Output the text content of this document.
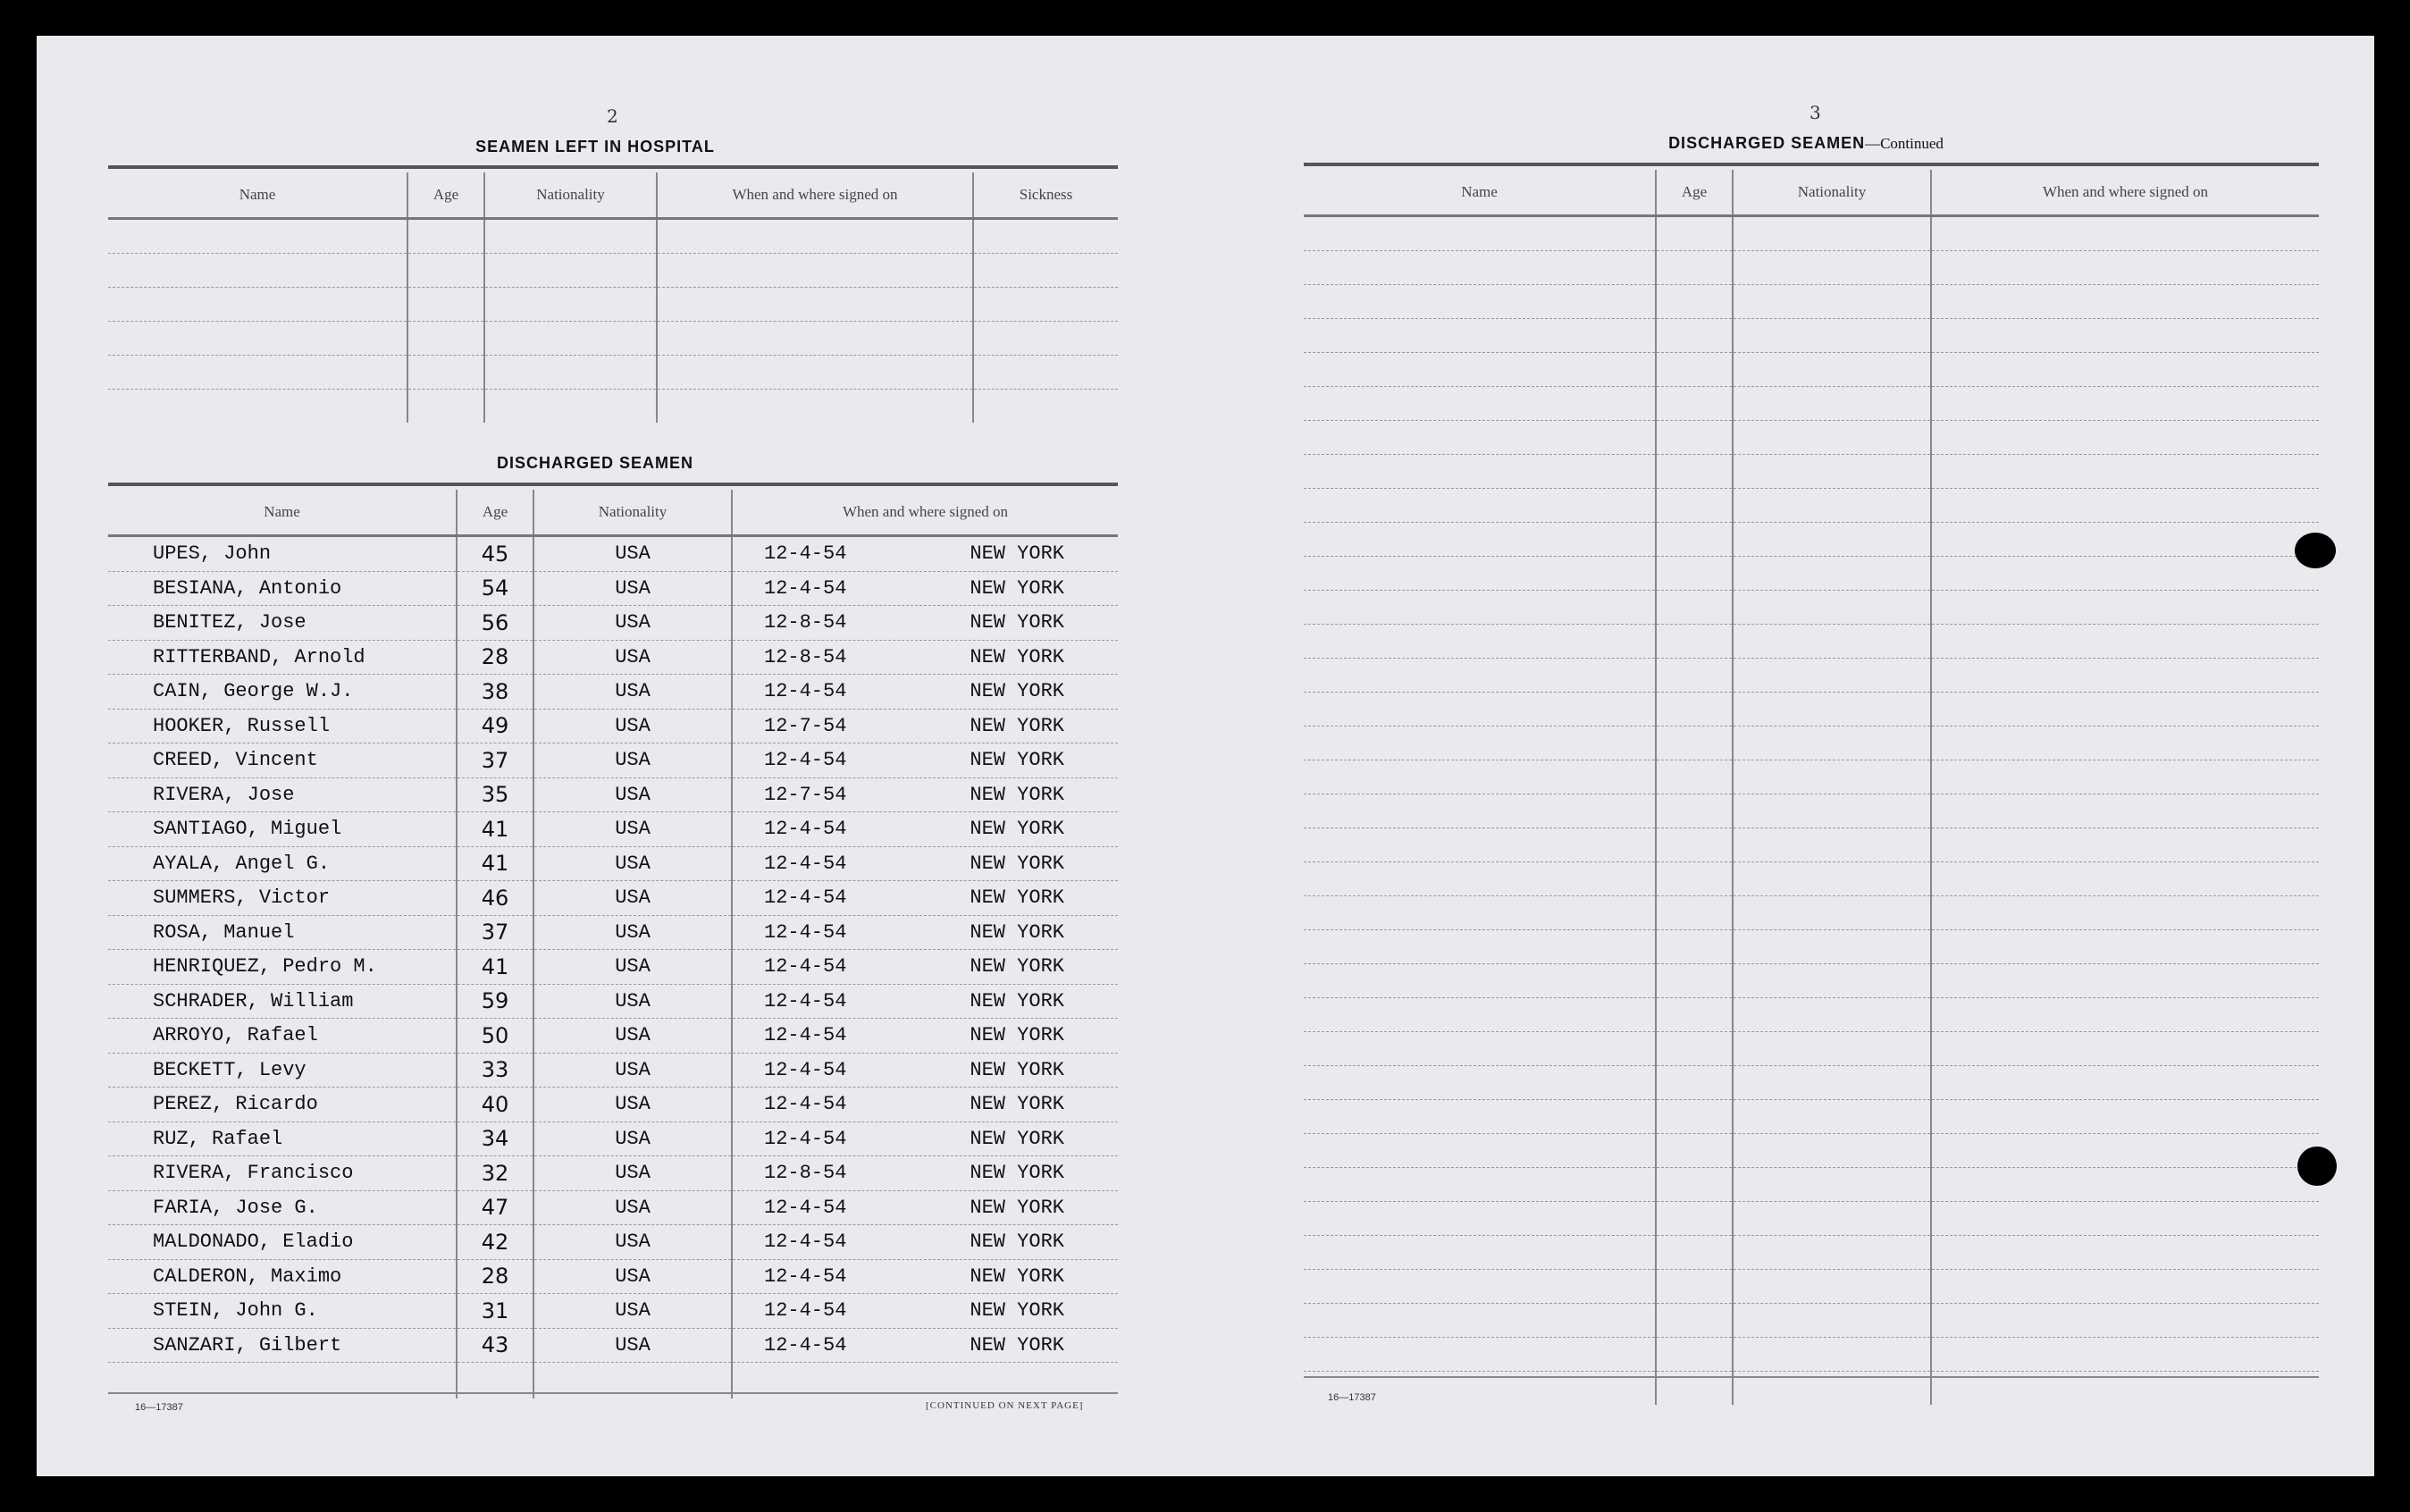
2
SEAMEN LEFT IN HOSPITAL
Name	Age	Nationality	When and where signed on	Sickness

DISCHARGED SEAMEN
Name	Age	Nationality	When and where signed on
UPES, John	45	USA	12-4-54 NEW YORK

BESIANA, Antonio	54	USA	12-4-54 NEW YORK

BENITEZ, Jose	56	USA	12-8-54 NEW YORK

RITTERBAND, Arnold	28	USA	12-8-54 NEW YORK

CAIN, George W.J.	38	USA	12-4-54 NEW YORK

HOOKER, Russell	49	USA	12-7-54 NEW YORK

CREED, Vincent	37	USA	12-4-54 NEW YORK

RIVERA, Jose	35	USA	12-7-54 NEW YORK

SANTIAGO, Miguel	41	USA	12-4-54 NEW YORK

AYALA, Angel G.	41	USA	12-4-54 NEW YORK

SUMMERS, Victor	46	USA	12-4-54 NEW YORK

ROSA, Manuel	37	USA	12-4-54 NEW YORK

HENRIQUEZ, Pedro M.	41	USA	12-4-54 NEW YORK

SCHRADER, William	59	USA	12-4-54 NEW YORK

ARROYO, Rafael	50	USA	12-4-54 NEW YORK

BECKETT, Levy	33	USA	12-4-54 NEW YORK

PEREZ, Ricardo	40	USA	12-4-54 NEW YORK

RUZ, Rafael	34	USA	12-4-54 NEW YORK

RIVERA, Francisco	32	USA	12-8-54 NEW YORK

FARIA, Jose G.	47	USA	12-4-54 NEW YORK

MALDONADO, Eladio	42	USA	12-4-54 NEW YORK

CALDERON, Maximo	28	USA	12-4-54 NEW YORK

STEIN, John G.	31	USA	12-4-54 NEW YORK

SANZARI, Gilbert	43	USA	12-4-54 NEW YORK

16—17387	[CONTINUED ON NEXT PAGE]
3
DISCHARGED SEAMEN—Continued
Name	Age	Nationality	When and where signed on

16—17387
